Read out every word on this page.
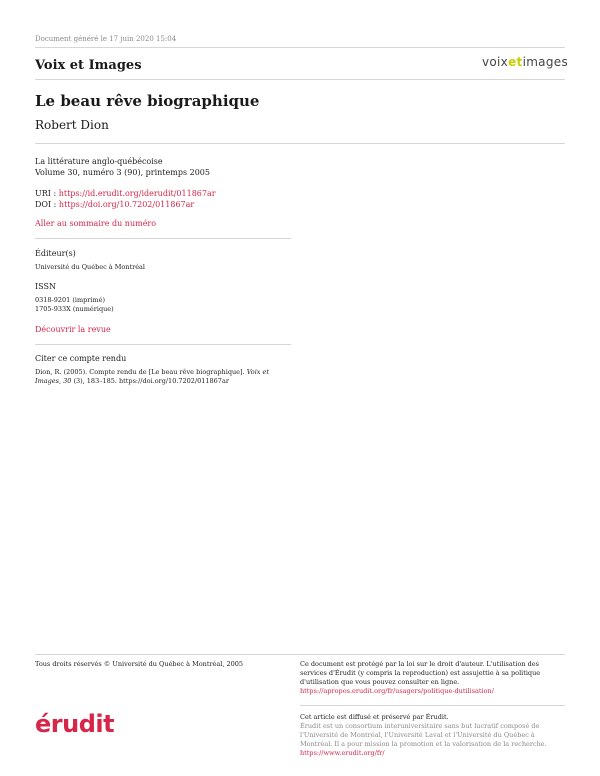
Document généré le 17 juin 2020 15:04
Voix et Images	voixetimages
Le beau rêve biographique
Robert Dion
La littérature anglo-québécoise
Volume 30, numéro 3 (90), printemps 2005
URI : https://id.erudit.org/iderudit/011867ar
DOI : https://doi.org/10.7202/011867ar
Aller au sommaire du numéro
Éditeur(s)
Université du Québec à Montréal
ISSN
0318-9201 (imprimé)
1705-933X (numérique)
Découvrir la revue
Citer ce compte rendu
Dion, R. (2005). Compte rendu de [Le beau rêve biographique]. Voix et Images, 30 (3), 183–185. https://doi.org/10.7202/011867ar
Tous droits réservés © Université du Québec à Montréal, 2005	Ce document est protégé par la loi sur le droit d'auteur. L'utilisation des services d'Érudit (y compris la reproduction) est assujettie à sa politique d'utilisation que vous pouvez consulter en ligne.
https://apropos.erudit.org/fr/usagers/politique-dutilisation/
érudit	Cet article est diffusé et préservé par Érudit.
Érudit est un consortium interuniversitaire sans but lucratif composé de l'Université de Montréal, l'Université Laval et l'Université du Québec à Montréal. Il a pour mission la promotion et la valorisation de la recherche.
https://www.erudit.org/fr/
